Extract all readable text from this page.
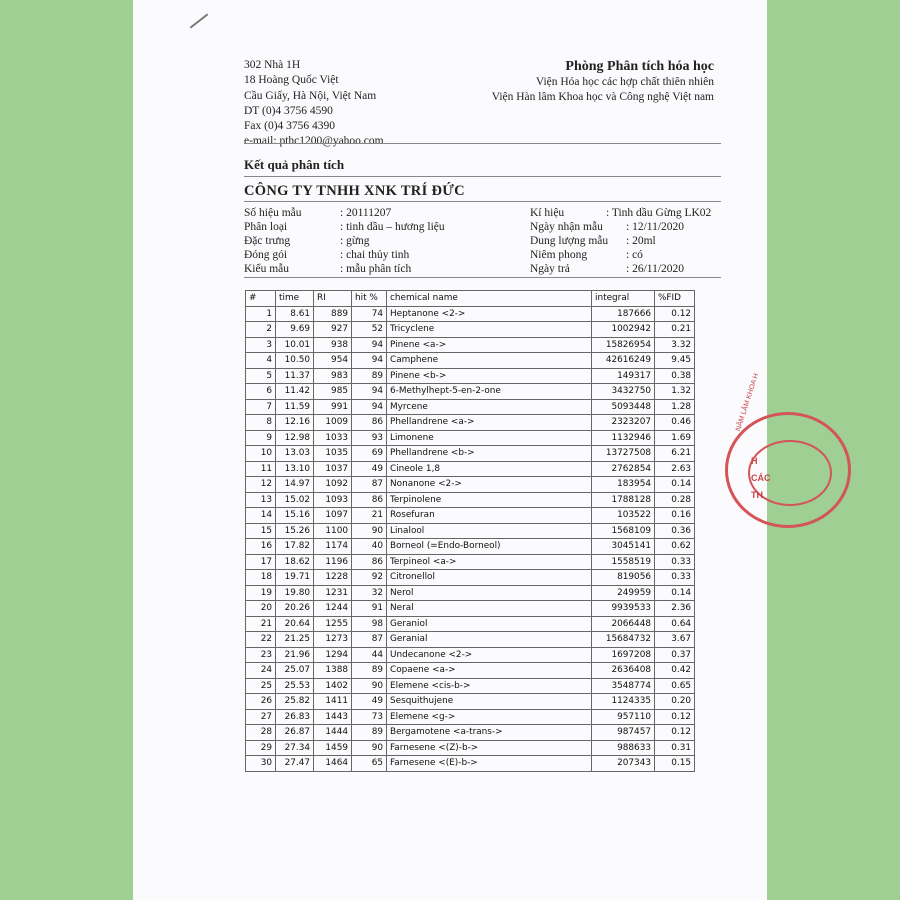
302 Nhà 1H
18 Hoàng Quốc Việt
Cầu Giấy, Hà Nội, Việt Nam
DT (0)4 3756 4590
Fax (0)4 3756 4390
e-mail: pthc1200@yahoo.com
Phòng Phân tích hóa học
Viện Hóa học các hợp chất thiên nhiên
Viện Hàn lâm Khoa học và Công nghệ Việt nam
Kết quả phân tích
CÔNG TY TNHH XNK TRÍ ĐỨC
Số hiệu mẫu	: 20111207
Phân loại	: tinh dầu – hương liệu
Đặc trưng	: gừng
Đóng gói	: chai thủy tinh
Kiểu mẫu	: mẫu phân tích
Kí hiệu	: Tinh dầu Gừng LK02
Ngày nhận mẫu	: 12/11/2020
Dung lượng mẫu	: 20ml
Niêm phong	: có
Ngày trả	: 26/11/2020
#	time	RI	hit %	chemical name	integral	%FID
1	8.61	889	74	Heptanone <2->	187666	0.12
2	9.69	927	52	Tricyclene	1002942	0.21
3	10.01	938	94	Pinene <a->	15826954	3.32
4	10.50	954	94	Camphene	42616249	9.45
5	11.37	983	89	Pinene <b->	149317	0.38
6	11.42	985	94	6-Methylhept-5-en-2-one	3432750	1.32
7	11.59	991	94	Myrcene	5093448	1.28
8	12.16	1009	86	Phellandrene <a->	2323207	0.46
9	12.98	1033	93	Limonene	1132946	1.69
10	13.03	1035	69	Phellandrene <b->	13727508	6.21
11	13.10	1037	49	Cineole 1,8	2762854	2.63
12	14.97	1092	87	Nonanone <2->	183954	0.14
13	15.02	1093	86	Terpinolene	1788128	0.28
14	15.16	1097	21	Rosefuran	103522	0.16
15	15.26	1100	90	Linalool	1568109	0.36
16	17.82	1174	40	Borneol (=Endo-Borneol)	3045141	0.62
17	18.62	1196	86	Terpineol <a->	1558519	0.33
18	19.71	1228	92	Citronellol	819056	0.33
19	19.80	1231	32	Nerol	249959	0.14
20	20.26	1244	91	Neral	9939533	2.36
21	20.64	1255	98	Geraniol	2066448	0.64
22	21.25	1273	87	Geranial	15684732	3.67
23	21.96	1294	44	Undecanone <2->	1697208	0.37
24	25.07	1388	89	Copaene <a->	2636408	0.42
25	25.53	1402	90	Elemene <cis-b->	3548774	0.65
26	25.82	1411	49	Sesquithujene	1124335	0.20
27	26.83	1443	73	Elemene <g->	957110	0.12
28	26.87	1444	89	Bergamotene <a-trans->	987457	0.12
29	27.34	1459	90	Farnesene <(Z)-b->	988633	0.31
30	27.47	1464	65	Farnesene <(E)-b->	207343	0.15
NĂM LÂM KHOA H
H
CÁC
TH
